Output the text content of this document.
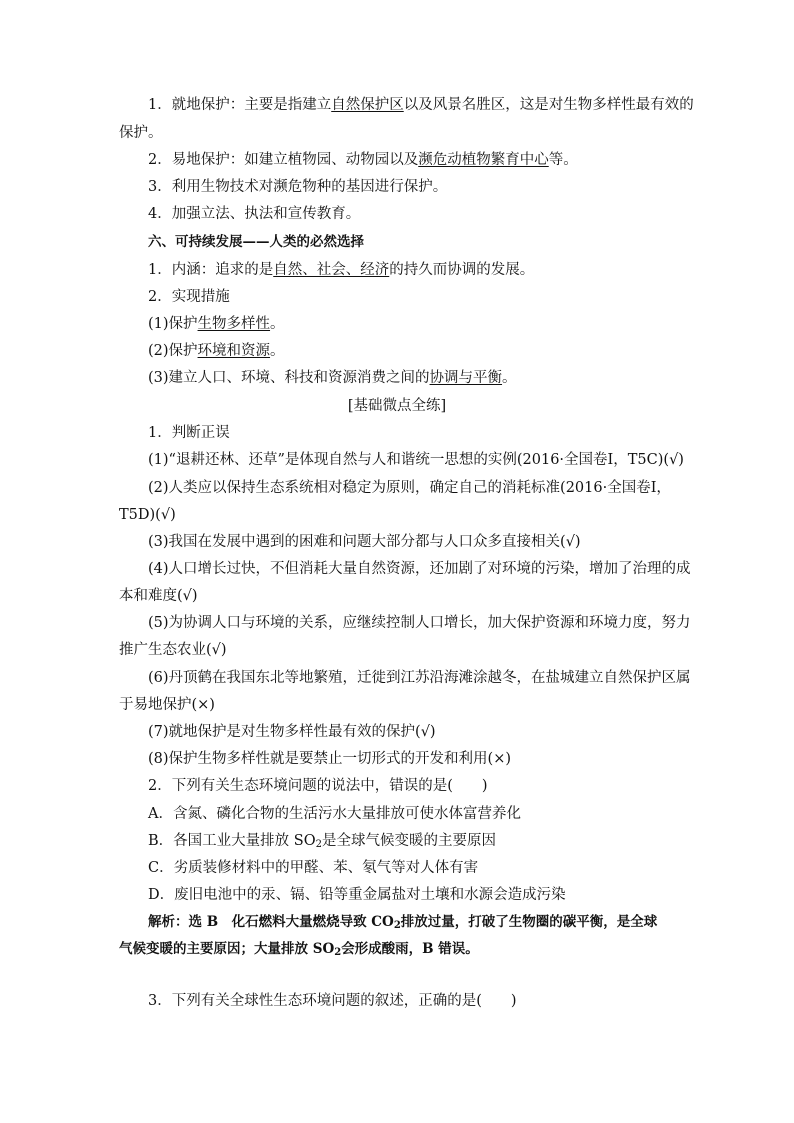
1．就地保护：主要是指建立自然保护区以及风景名胜区，这是对生物多样性最有效的
保护。
2．易地保护：如建立植物园、动物园以及濒危动植物繁育中心等。
3．利用生物技术对濒危物种的基因进行保护。
4．加强立法、执法和宣传教育。
六、可持续发展——人类的必然选择
1．内涵：追求的是自然、社会、经济的持久而协调的发展。
2．实现措施
(1)保护生物多样性。
(2)保护环境和资源。
(3)建立人口、环境、科技和资源消费之间的协调与平衡。
[基础微点全练]
1．判断正误
(1)“退耕还林、还草”是体现自然与人和谐统一思想的实例(2016·全国卷Ⅰ，T5C)(√)
(2)人类应以保持生态系统相对稳定为原则，确定自己的消耗标准(2016·全国卷Ⅰ，
T5D)(√)
(3)我国在发展中遇到的困难和问题大部分都与人口众多直接相关(√)
(4)人口增长过快，不但消耗大量自然资源，还加剧了对环境的污染，增加了治理的成
本和难度(√)
(5)为协调人口与环境的关系，应继续控制人口增长，加大保护资源和环境力度，努力
推广生态农业(√)
(6)丹顶鹤在我国东北等地繁殖，迁徙到江苏沿海滩涂越冬，在盐城建立自然保护区属
于易地保护(×)
(7)就地保护是对生物多样性最有效的保护(√)
(8)保护生物多样性就是要禁止一切形式的开发和利用(×)
2．下列有关生态环境问题的说法中，错误的是(　　)
A．含氮、磷化合物的生活污水大量排放可使水体富营养化
B．各国工业大量排放 $SO_2$是全球气候变暖的主要原因
C．劣质装修材料中的甲醛、苯、氡气等对人体有害
D．废旧电池中的汞、镉、铅等重金属盐对土壤和水源会造成污染
解析：选 B　化石燃料大量燃烧导致 $CO_2$排放过量，打破了生物圈的碳平衡，是全球
气候变暖的主要原因；大量排放 $SO_2$会形成酸雨，B 错误。
3．下列有关全球性生态环境问题的叙述，正确的是(　　)
